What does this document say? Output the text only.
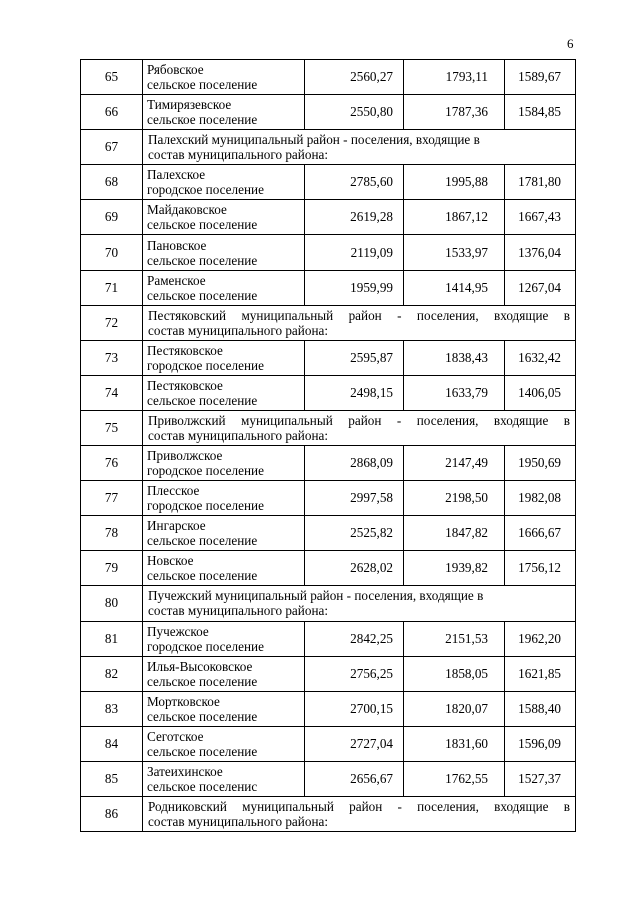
6
65	Рябовское
сельское поселение	2560,27	1793,11	1589,67
66	Тимирязевское
сельское поселение	2550,80	1787,36	1584,85
67	Палехский муниципальный район - поселения, входящие в
состав муниципального района:			

68	Палехское
городское поселение	2785,60	1995,88	1781,80
69	Майдаковское
сельское поселение	2619,28	1867,12	1667,43
70	Пановское
сельское поселение	2119,09	1533,97	1376,04
71	Раменское
сельское поселение	1959,99	1414,95	1267,04
72	Пестяковский муниципальный район - поселения, входящие в
состав муниципального района:			

73	Пестяковское
городское поселение	2595,87	1838,43	1632,42
74	Пестяковское
сельское поселение	2498,15	1633,79	1406,05
75	Приволжский муниципальный район - поселения, входящие в
состав муниципального района:			

76	Приволжское
городское поселение	2868,09	2147,49	1950,69
77	Плесское
городское поселение	2997,58	2198,50	1982,08
78	Ингарское
сельское поселение	2525,82	1847,82	1666,67
79	Новское
сельское поселение	2628,02	1939,82	1756,12
80	Пучежский муниципальный район - поселения, входящие в
состав муниципального района:			

81	Пучежское
городское поселение	2842,25	2151,53	1962,20
82	Илья-Высоковское
сельское поселение	2756,25	1858,05	1621,85
83	Мортковское
сельское поселение	2700,15	1820,07	1588,40
84	Сеготское
сельское поселение	2727,04	1831,60	1596,09
85	Затеихинское
сельское поселенис	2656,67	1762,55	1527,37
86	Родниковский муниципальный район - поселения, входящие в
состав муниципального района:			
